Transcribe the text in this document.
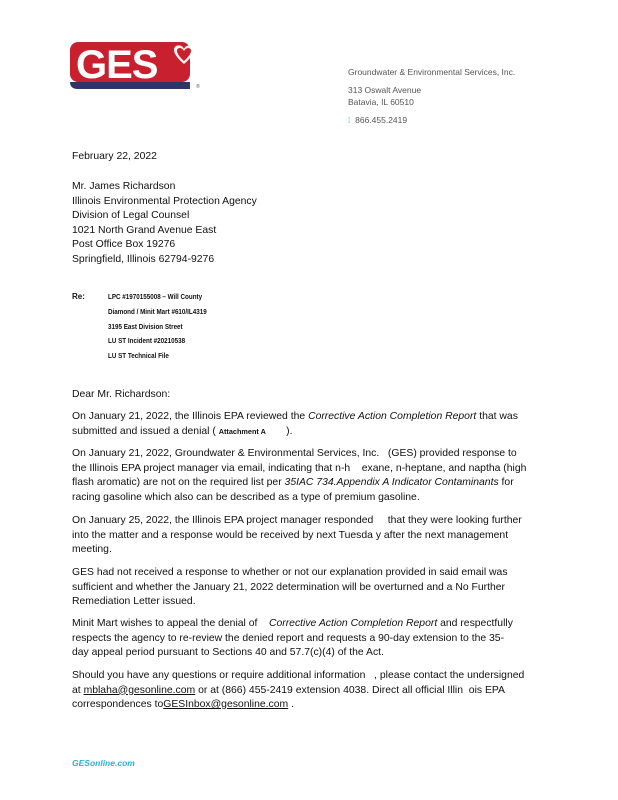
GES	®
Groundwater & Environmental Services, Inc.
313 Oswalt Avenue
Batavia, IL 60510
⁞ 866.455.2419
February 22, 2022
Mr. James Richardson
Illinois Environmental Protection Agency
Division of Legal Counsel
1021 North Grand Avenue East
Post Office Box 19276
Springfield, Illinois 62794-9276
Re:	LPC #1970155008 – Will County
Diamond / Minit Mart #610/IL4319
3195 East Division Street
LU ST Incident #20210538
LU ST Technical File
Dear Mr. Richardson:
On January 21, 2022, the Illinois EPA reviewed the Corrective Action Completion Report that was
submitted and issued a denial ( Attachment A ).
On January 21, 2022, Groundwater & Environmental Services, Inc.   (GES) provided response to
the Illinois EPA project manager via email, indicating that n-h    exane, n-heptane, and naptha (high
flash aromatic) are not on the required list per 35IAC 734.Appendix A Indicator Contaminants for
racing gasoline which also can be described as a type of premium gasoline.
On January 25, 2022, the Illinois EPA project manager responded     that they were looking further
into the matter and a response would be received by next Tuesda y after the next management
meeting.
GES had not received a response to whether or not our explanation provided in said email was
sufficient and whether the January 21, 2022 determination will be overturned and a No Further
Remediation Letter issued.
Minit Mart wishes to appeal the denial of Corrective Action Completion Report and respectfully
respects the agency to re-review the denied report and requests a 90-day extension to the 35-
day appeal period pursuant to Sections 40 and 57.7(c)(4) of the Act.
Should you have any questions or require additional information   , please contact the undersigned
at mblaha@gesonline.com or at (866) 455-2419 extension 4038. Direct all official Illin  ois EPA
correspondences toGESInbox@gesonline.com .
GESonline.com
